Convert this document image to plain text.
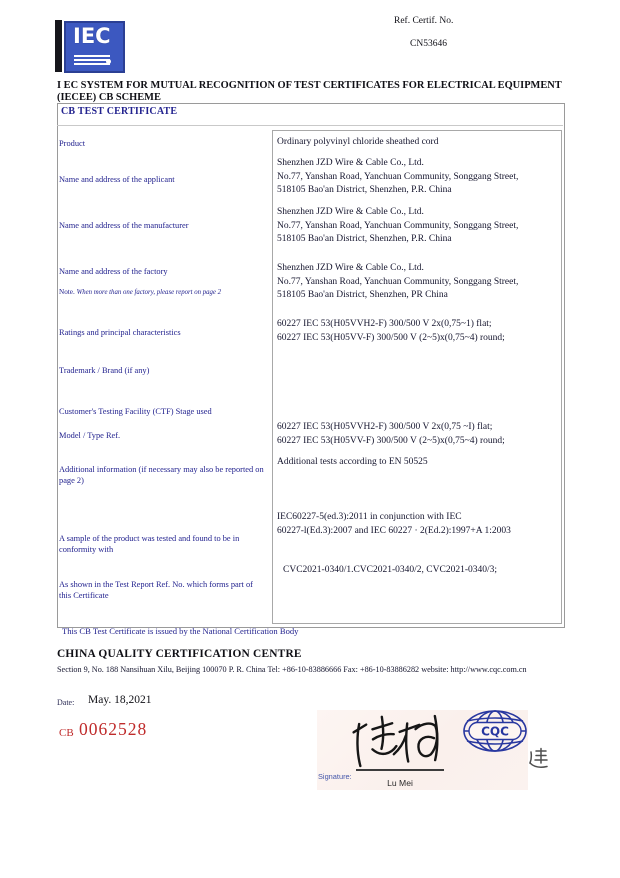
IEC
Ref. Certif. No.
CN53646
I EC SYSTEM FOR MUTUAL RECOGNITION OF TEST CERTIFICATES FOR ELECTRICAL EQUIPMENT
(IECEE) CB SCHEME
CB TEST CERTIFICATE
Product
Name and address of the applicant
Name and address of the manufacturer
Name and address of the factory
Note. When more than one factory, please report on page 2
Ratings and principal characteristics
Trademark / Brand (if any)
Customer's Testing Facility (CTF) Stage used
Model / Type Ref.
Additional information (if necessary may also be reported on page 2)
A sample of the product was tested and found to be in conformity with
As shown in the Test Report Ref. No. which forms part of this Certificate
Ordinary polyvinyl chloride sheathed cord
Shenzhen JZD Wire & Cable Co., Ltd.
No.77, Yanshan Road, Yanchuan Community, Songgang Street,
518105 Bao'an District, Shenzhen, P.R. China
Shenzhen JZD Wire & Cable Co., Ltd.
No.77, Yanshan Road, Yanchuan Community, Songgang Street,
518105 Bao'an District, Shenzhen, P.R. China
Shenzhen JZD Wire & Cable Co., Ltd.
No.77, Yanshan Road, Yanchuan Community, Songgang Street,
518105 Bao'an District, Shenzhen, PR China
60227 IEC 53(H05VVH2-F) 300/500 V 2x(0,75~1) flat;
60227 IEC 53(H05VV-F) 300/500 V (2~5)x(0,75~4) round;
60227 IEC 53(H05VVH2-F) 300/500 V 2x(0,75 ~I) flat;
60227 IEC 53(H05VV-F) 300/500 V (2~5)x(0,75~4) round;
Additional tests according to EN 50525
IEC60227-5(ed.3):2011 in conjunction with IEC
60227-l(Ed.3):2007 and IEC 60227 · 2(Ed.2):1997+A 1:2003
CVC2021-0340/1.CVC2021-0340/2, CVC2021-0340/3;
This CB Test Certificate is issued by the National Certification Body
CHINA QUALITY CERTIFICATION CENTRE
Section 9, No. 188 Nansihuan Xilu, Beijing 100070 P. R. China Tel: +86-10-83886666 Fax: +86-10-83886282 website: http://www.cqc.com.cn
Date: May. 18,2021
CB 0062528
Signature:
Lu Mei
CQC
